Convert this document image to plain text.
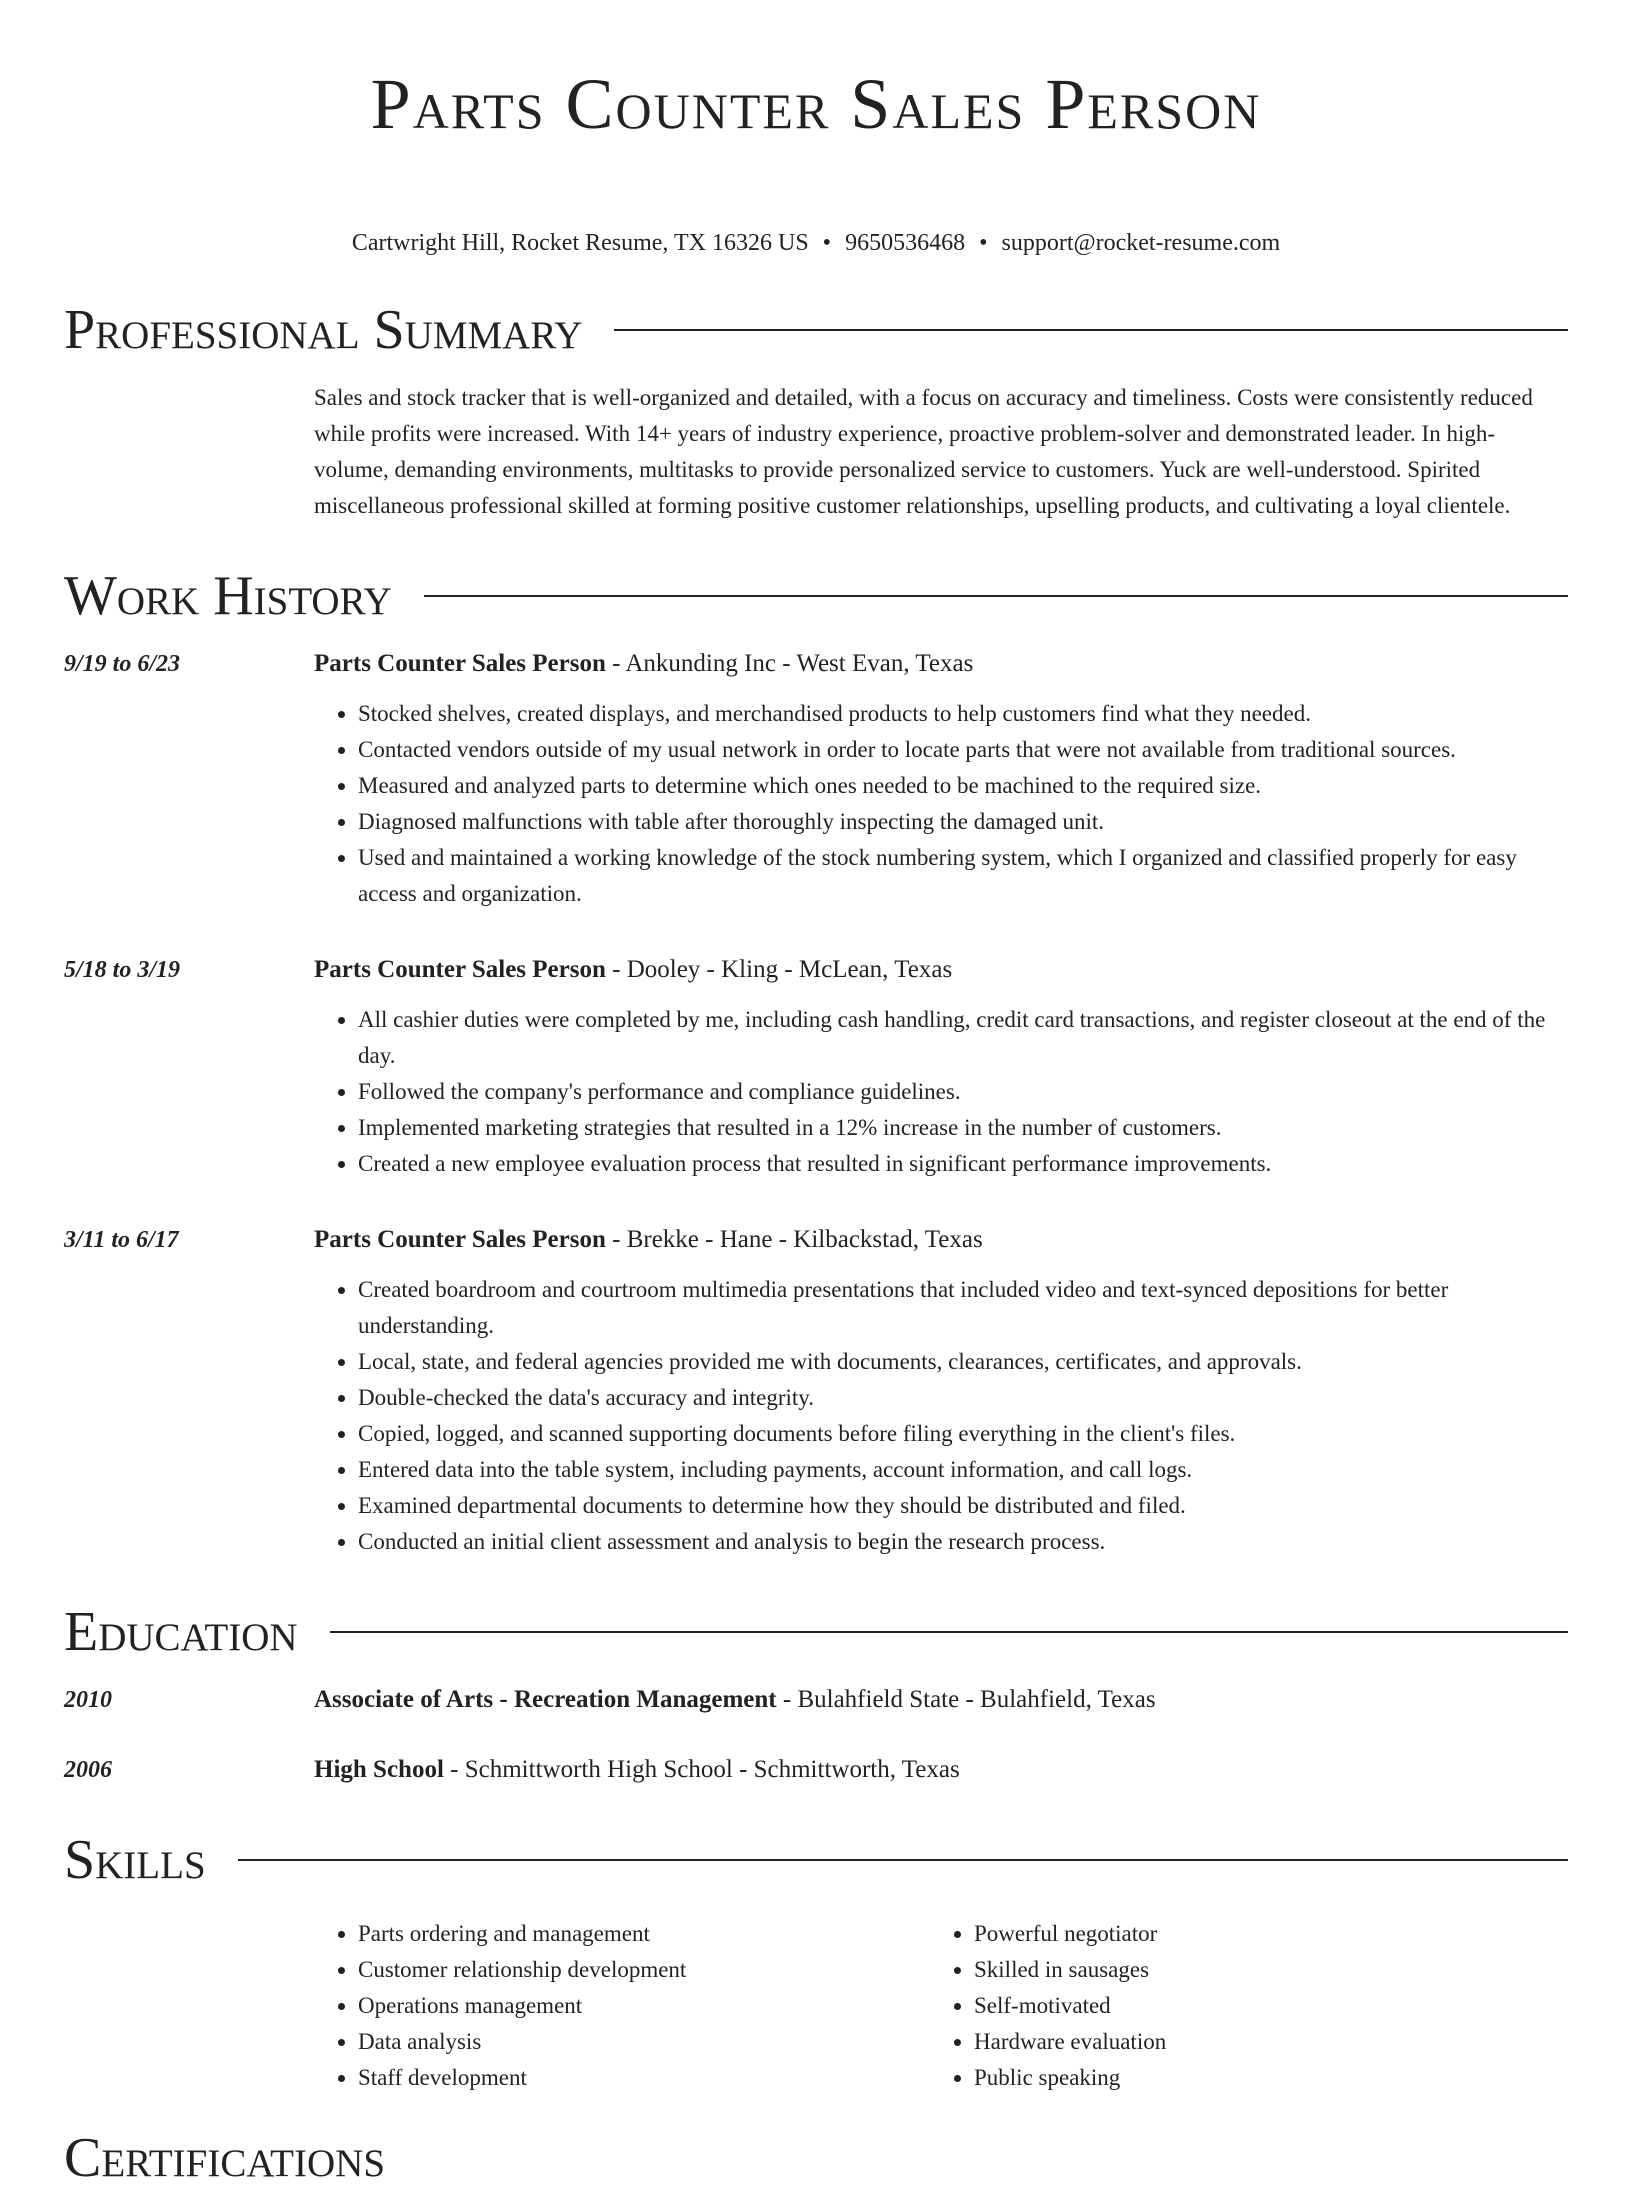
Parts Counter Sales Person
Cartwright Hill, Rocket Resume, TX 16326 US • 9650536468 • support@rocket-resume.com
Professional Summary
Sales and stock tracker that is well-organized and detailed, with a focus on accuracy and timeliness. Costs were consistently reduced while profits were increased. With 14+ years of industry experience, proactive problem-solver and demonstrated leader. In high-volume, demanding environments, multitasks to provide personalized service to customers. Yuck are well-understood. Spirited miscellaneous professional skilled at forming positive customer relationships, upselling products, and cultivating a loyal clientele.
Work History
9/19 to 6/23	Parts Counter Sales Person - Ankunding Inc - West Evan, Texas
• Stocked shelves, created displays, and merchandised products to help customers find what they needed.
• Contacted vendors outside of my usual network in order to locate parts that were not available from traditional sources.
• Measured and analyzed parts to determine which ones needed to be machined to the required size.
• Diagnosed malfunctions with table after thoroughly inspecting the damaged unit.
• Used and maintained a working knowledge of the stock numbering system, which I organized and classified properly for easy access and organization.
5/18 to 3/19	Parts Counter Sales Person - Dooley - Kling - McLean, Texas
• All cashier duties were completed by me, including cash handling, credit card transactions, and register closeout at the end of the day.
• Followed the company's performance and compliance guidelines.
• Implemented marketing strategies that resulted in a 12% increase in the number of customers.
• Created a new employee evaluation process that resulted in significant performance improvements.
3/11 to 6/17	Parts Counter Sales Person - Brekke - Hane - Kilbackstad, Texas
• Created boardroom and courtroom multimedia presentations that included video and text-synced depositions for better understanding.
• Local, state, and federal agencies provided me with documents, clearances, certificates, and approvals.
• Double-checked the data's accuracy and integrity.
• Copied, logged, and scanned supporting documents before filing everything in the client's files.
• Entered data into the table system, including payments, account information, and call logs.
• Examined departmental documents to determine how they should be distributed and filed.
• Conducted an initial client assessment and analysis to begin the research process.
Education
2010	Associate of Arts - Recreation Management - Bulahfield State - Bulahfield, Texas
2006	High School - Schmittworth High School - Schmittworth, Texas
Skills
• Parts ordering and management
• Customer relationship development
• Operations management
• Data analysis
• Staff development
• Powerful negotiator
• Skilled in sausages
• Self-motivated
• Hardware evaluation
• Public speaking
Certifications
